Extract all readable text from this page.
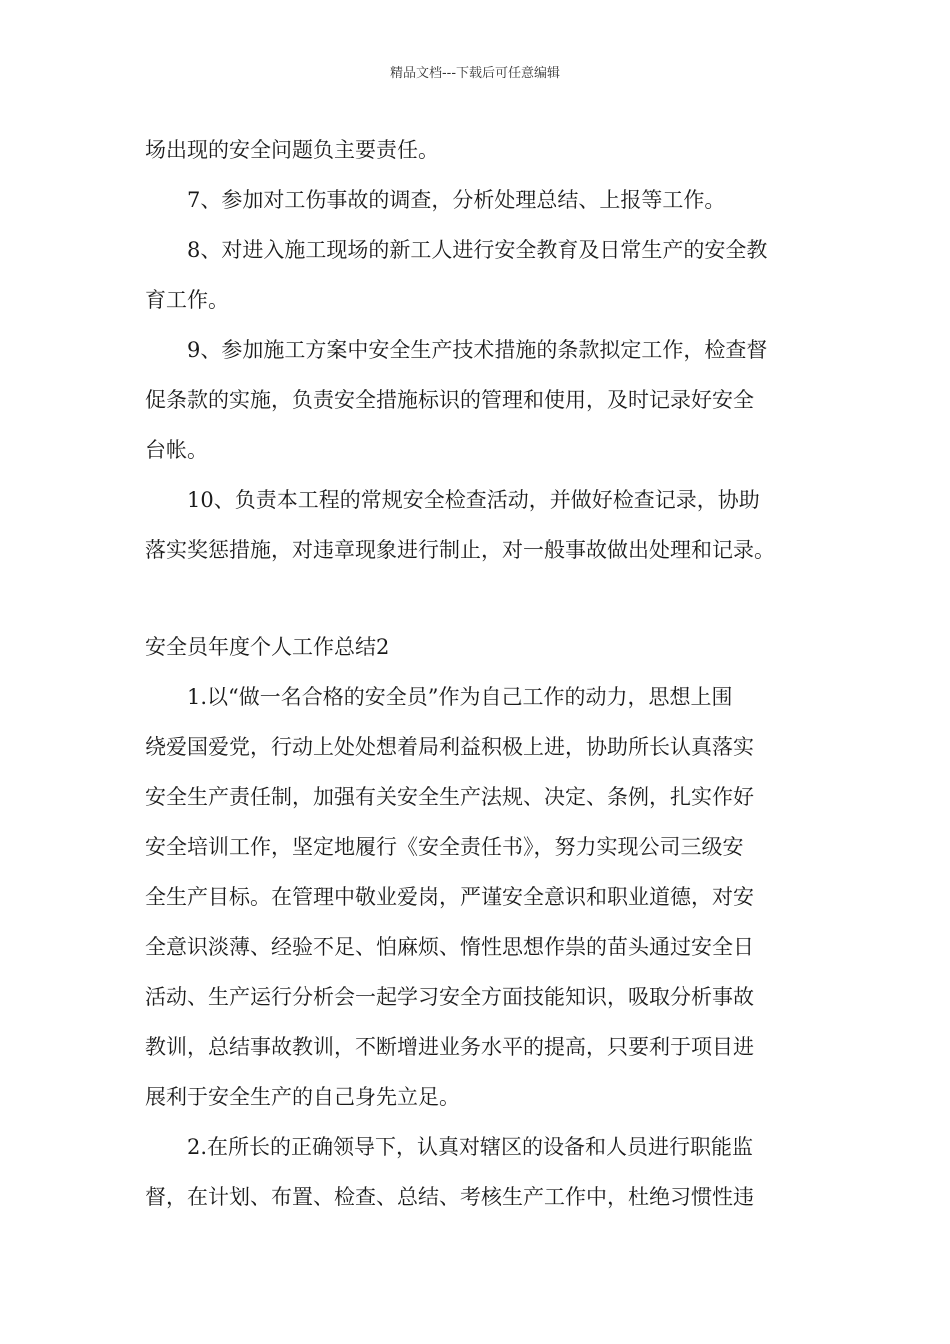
精品文档---下载后可任意编辑
场出现的安全问题负主要责任。
7、参加对工伤事故的调查，分析处理总结、上报等工作。
8、对进入施工现场的新工人进行安全教育及日常生产的安全教
育工作。
9、参加施工方案中安全生产技术措施的条款拟定工作，检查督
促条款的实施，负责安全措施标识的管理和使用，及时记录好安全
台帐。
10、负责本工程的常规安全检查活动，并做好检查记录，协助
落实奖惩措施，对违章现象进行制止，对一般事故做出处理和记录。
安全员年度个人工作总结2
1.以“做一名合格的安全员”作为自己工作的动力，思想上围
绕爱国爱党，行动上处处想着局利益积极上进，协助所长认真落实
安全生产责任制，加强有关安全生产法规、决定、条例，扎实作好
安全培训工作，坚定地履行《安全责任书》，努力实现公司三级安
全生产目标。在管理中敬业爱岗，严谨安全意识和职业道德，对安
全意识淡薄、经验不足、怕麻烦、惰性思想作祟的苗头通过安全日
活动、生产运行分析会一起学习安全方面技能知识，吸取分析事故
教训，总结事故教训，不断增进业务水平的提高，只要利于项目进
展利于安全生产的自己身先立足。
2.在所长的正确领导下，认真对辖区的设备和人员进行职能监
督，在计划、布置、检查、总结、考核生产工作中，杜绝习惯性违
